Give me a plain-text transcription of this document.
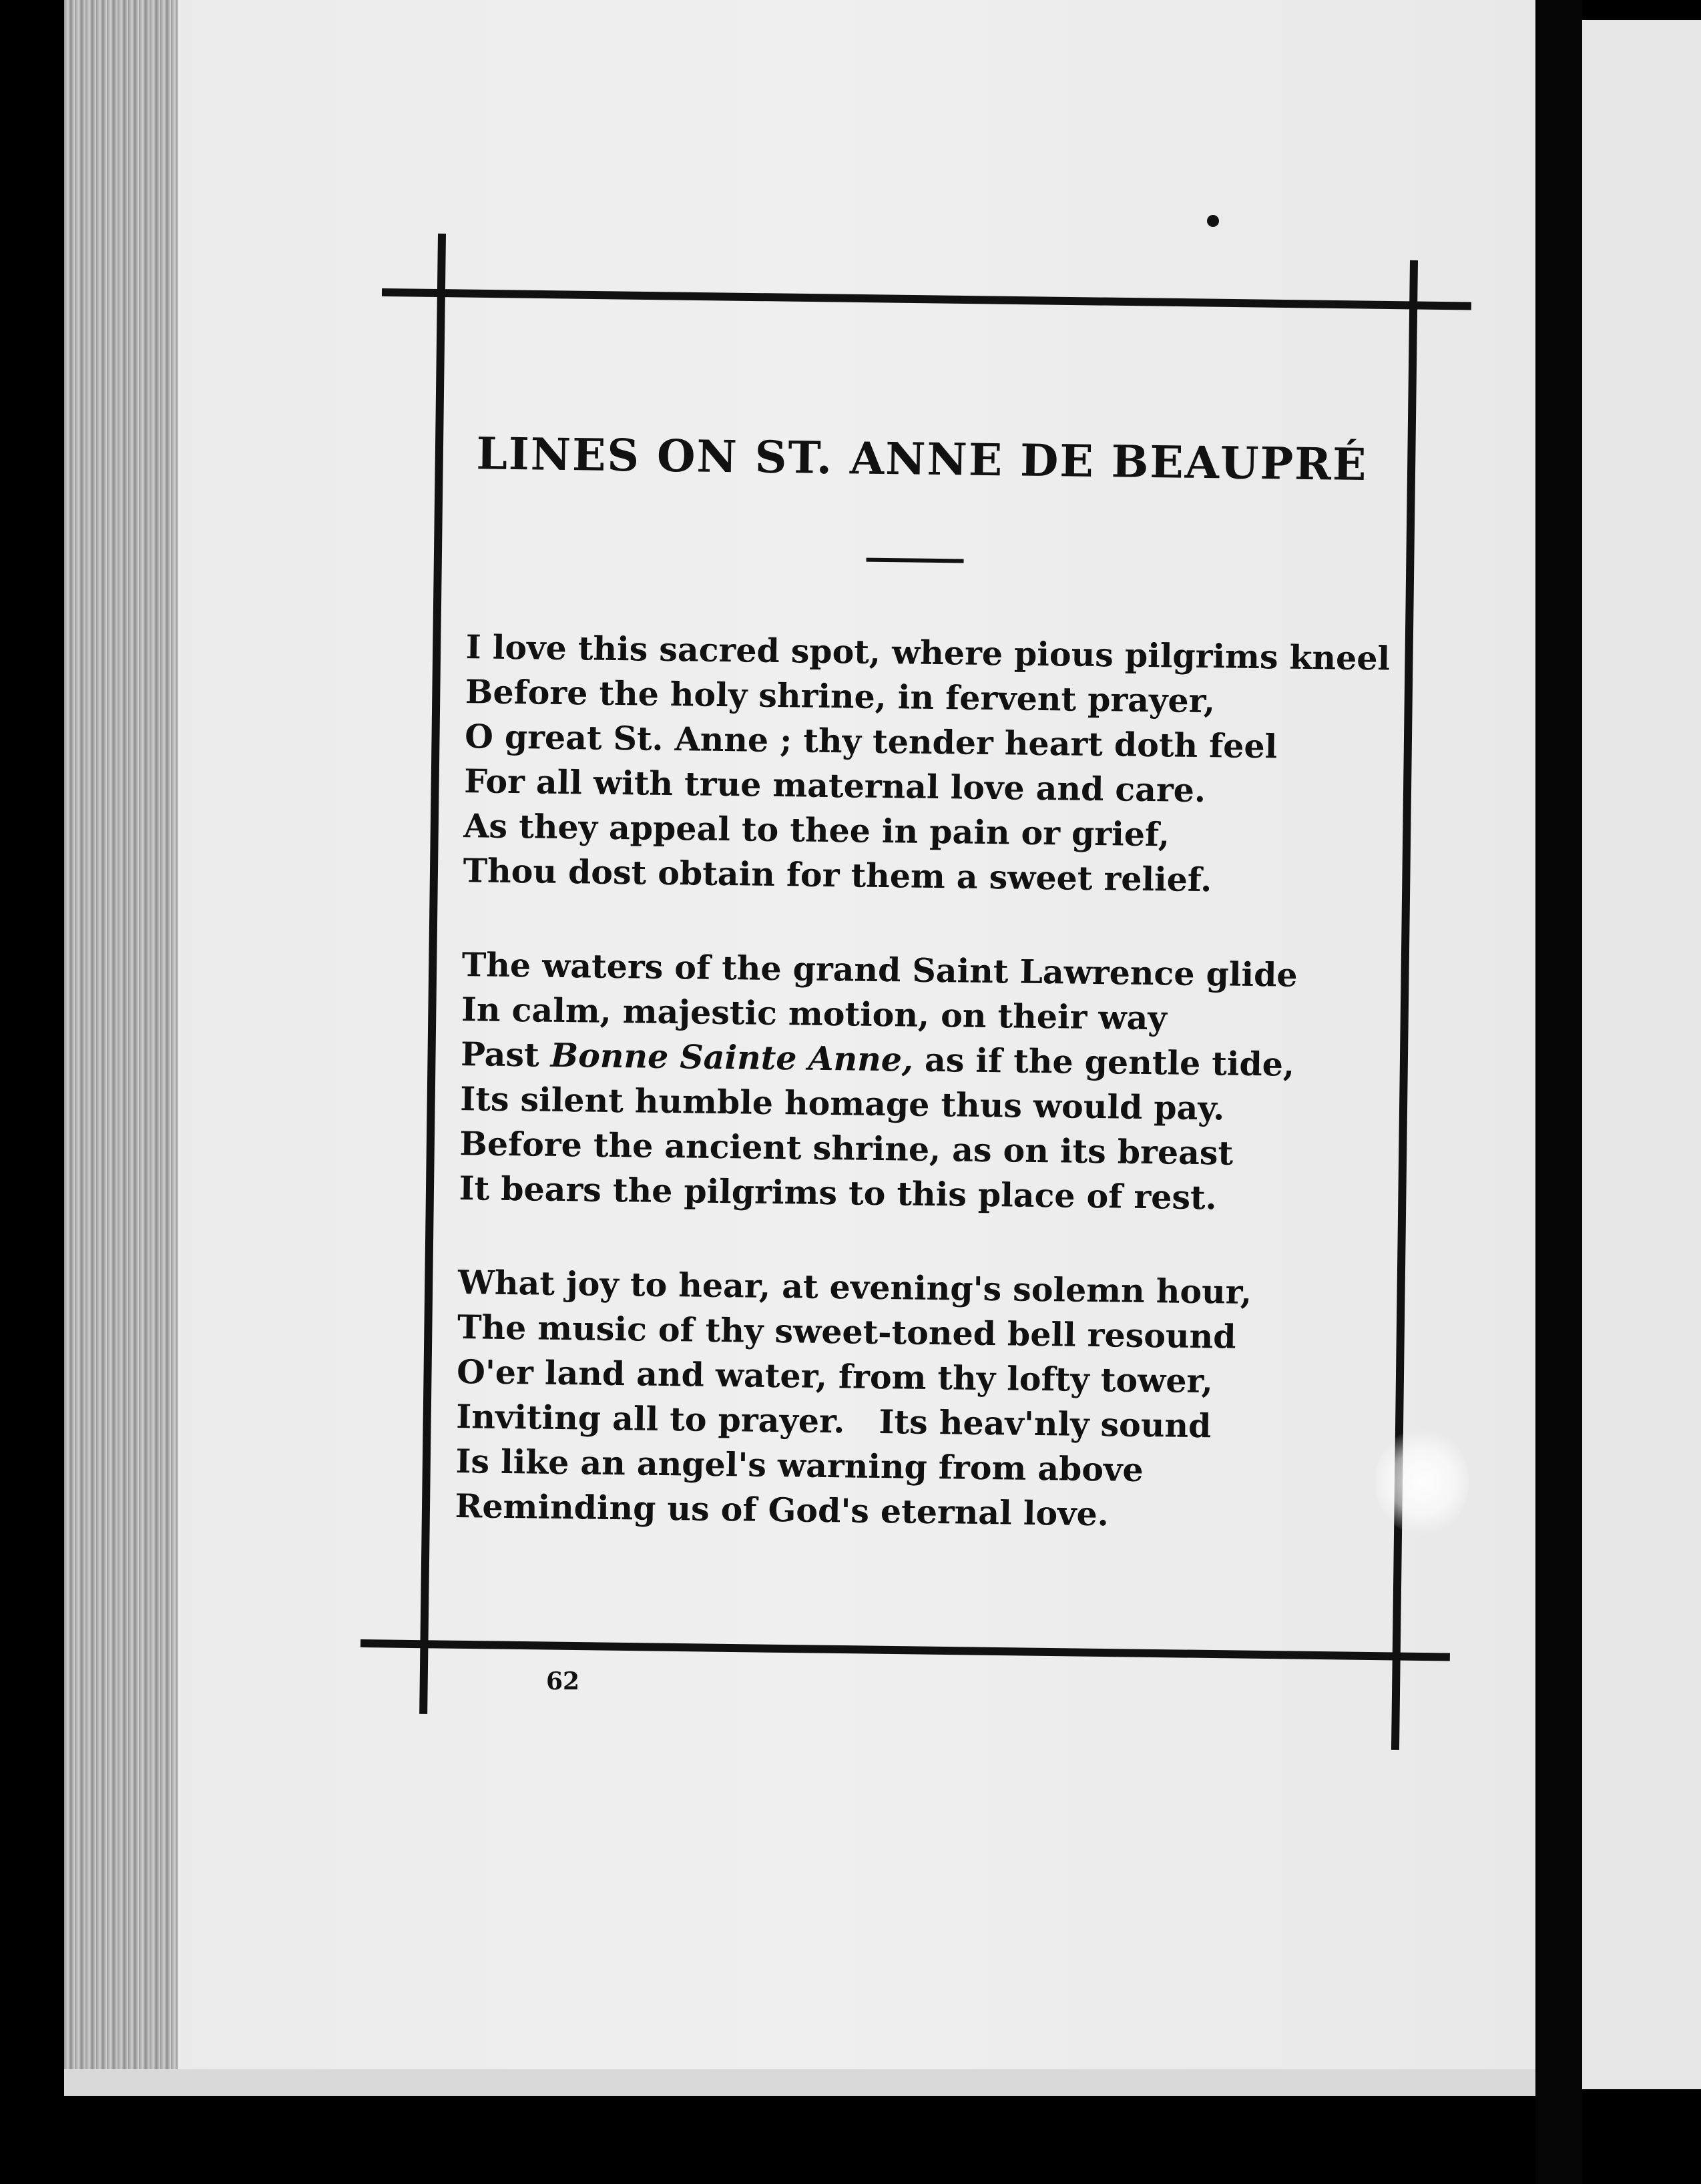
LINES ON ST. ANNE DE BEAUPRÉ
I love this sacred spot, where pious pilgrims kneel
Before the holy shrine, in fervent prayer,
O great St. Anne ; thy tender heart doth feel
For all with true maternal love and care.
As they appeal to thee in pain or grief,
Thou dost obtain for them a sweet relief.
The waters of the grand Saint Lawrence glide
In calm, majestic motion, on their way
Past Bonne Sainte Anne, as if the gentle tide,
Its silent humble homage thus would pay.
Before the ancient shrine, as on its breast
It bears the pilgrims to this place of rest.
What joy to hear, at evening's solemn hour,
The music of thy sweet-toned bell resound
O'er land and water, from thy lofty tower,
Inviting all to prayer.   Its heav'nly sound
Is like an angel's warning from above
Reminding us of God's eternal love.
62
